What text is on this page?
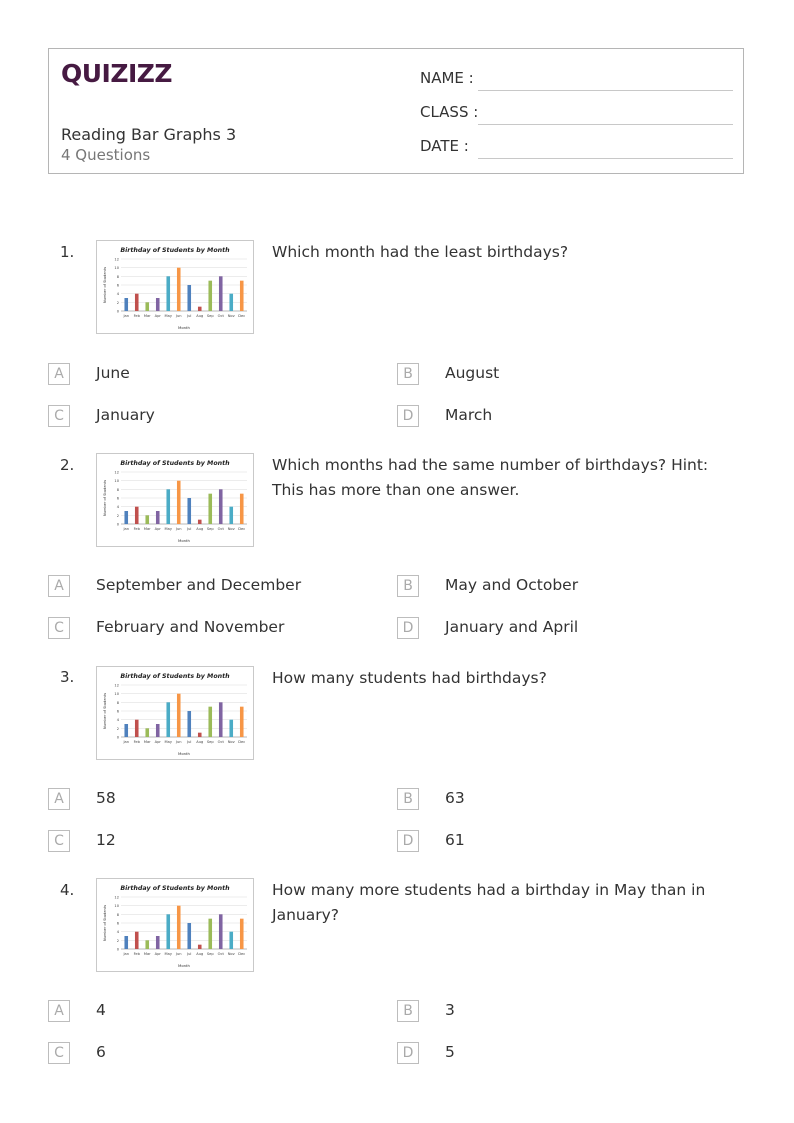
QUIZIZZ
Reading Bar Graphs 3
4 Questions
NAME :
CLASS :
DATE :
1.	Birthday of Students by Month
0
2
4
6
8
10
12
Number of Students
Jan Feb Mar Apr May Jun Jul Aug Sep Oct Nov Dec
Month
Which month had the least birthdays?
A	June	B	August
C	January	D	March
2.	Birthday of Students by Month
0
2
4
6
8
10
12
Number of Students
Jan Feb Mar Apr May Jun Jul Aug Sep Oct Nov Dec
Month
Which months had the same number of birthdays? Hint: This has more than one answer.
A	September and December	B	May and October
C	February and November	D	January and April
3.	Birthday of Students by Month
0
2
4
6
8
10
12
Number of Students
Jan Feb Mar Apr May Jun Jul Aug Sep Oct Nov Dec
Month
How many students had birthdays?
A	58	B	63
C	12	D	61
4.	Birthday of Students by Month
0
2
4
6
8
10
12
Number of Students
Jan Feb Mar Apr May Jun Jul Aug Sep Oct Nov Dec
Month
How many more students had a birthday in May than in January?
A	4	B	3
C	6	D	5
